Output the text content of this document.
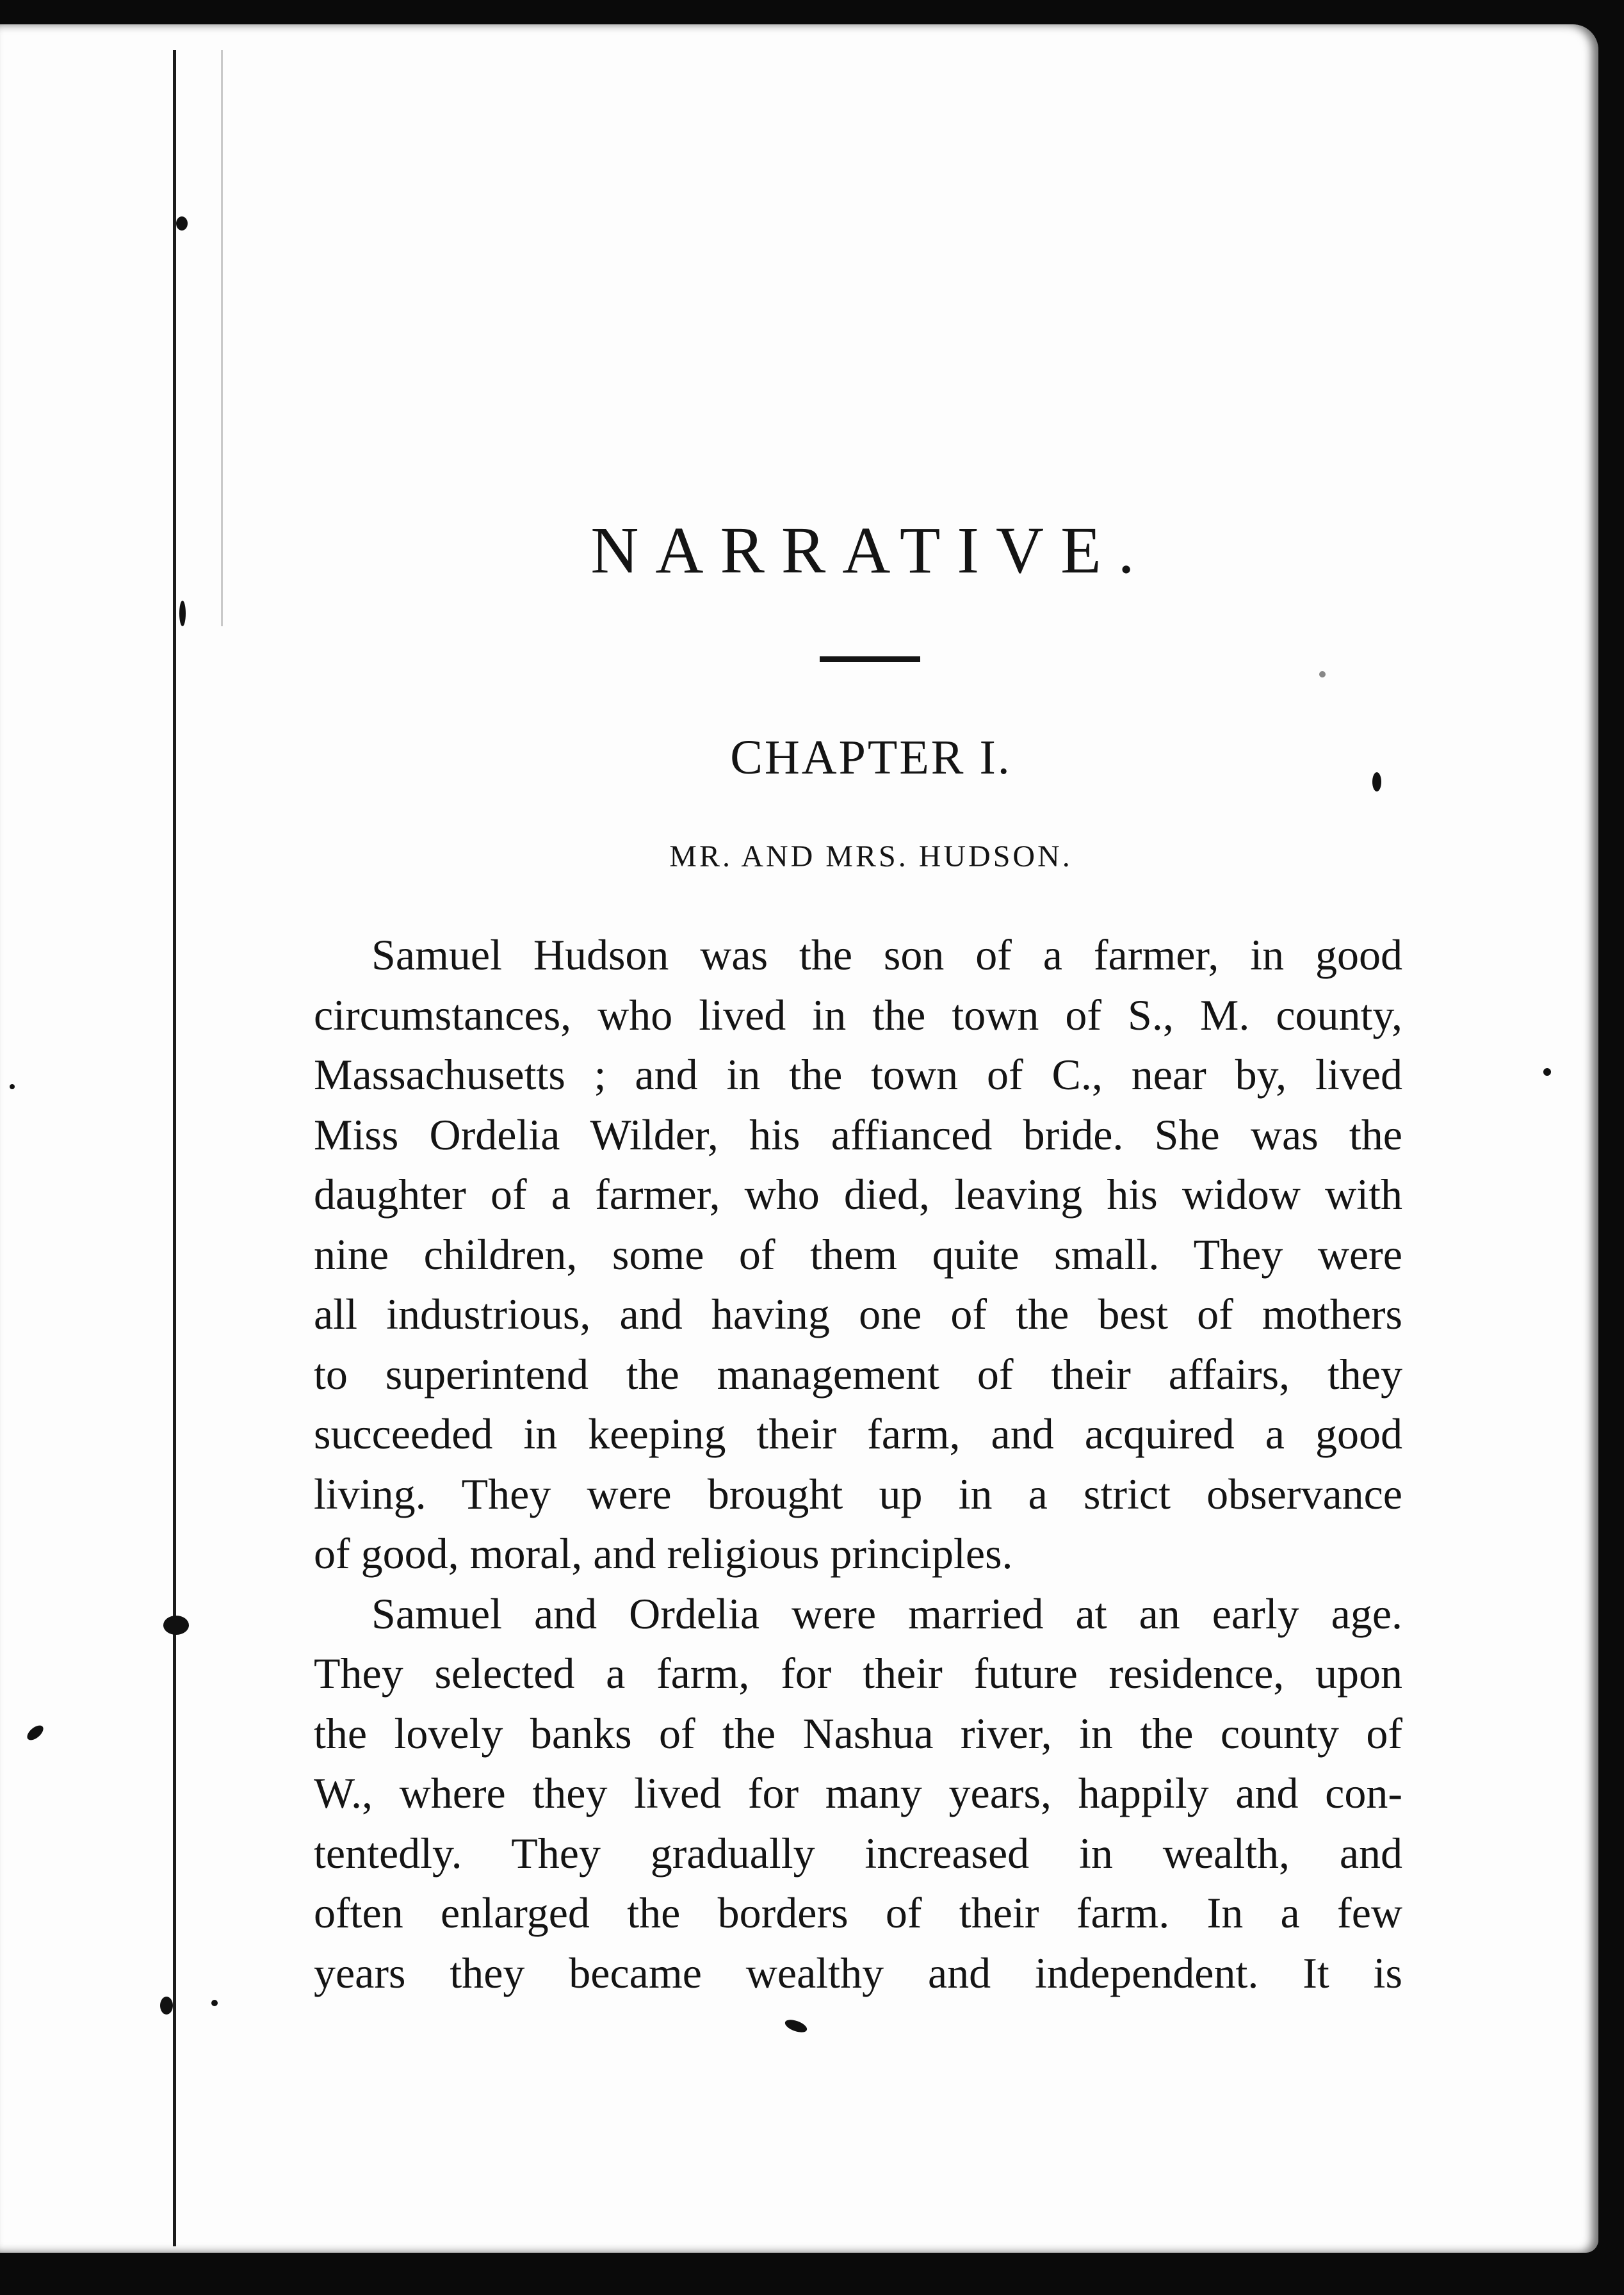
NARRATIVE.
CHAPTER I.
MR. AND MRS. HUDSON.
Samuel Hudson was the son of a farmer, in good
circumstances, who lived in the town of S., M. county,
Massachusetts ; and in the town of C., near by, lived
Miss Ordelia Wilder, his affianced bride. She was the
daughter of a farmer, who died, leaving his widow with
nine children, some of them quite small. They were
all industrious, and having one of the best of mothers
to superintend the management of their affairs, they
succeeded in keeping their farm, and acquired a good
living. They were brought up in a strict observance
of good, moral, and religious principles.
Samuel and Ordelia were married at an early age.
They selected a farm, for their future residence, upon
the lovely banks of the Nashua river, in the county of
W., where they lived for many years, happily and con-
tentedly. They gradually increased in wealth, and
often enlarged the borders of their farm. In a few
years they became wealthy and independent. It is
